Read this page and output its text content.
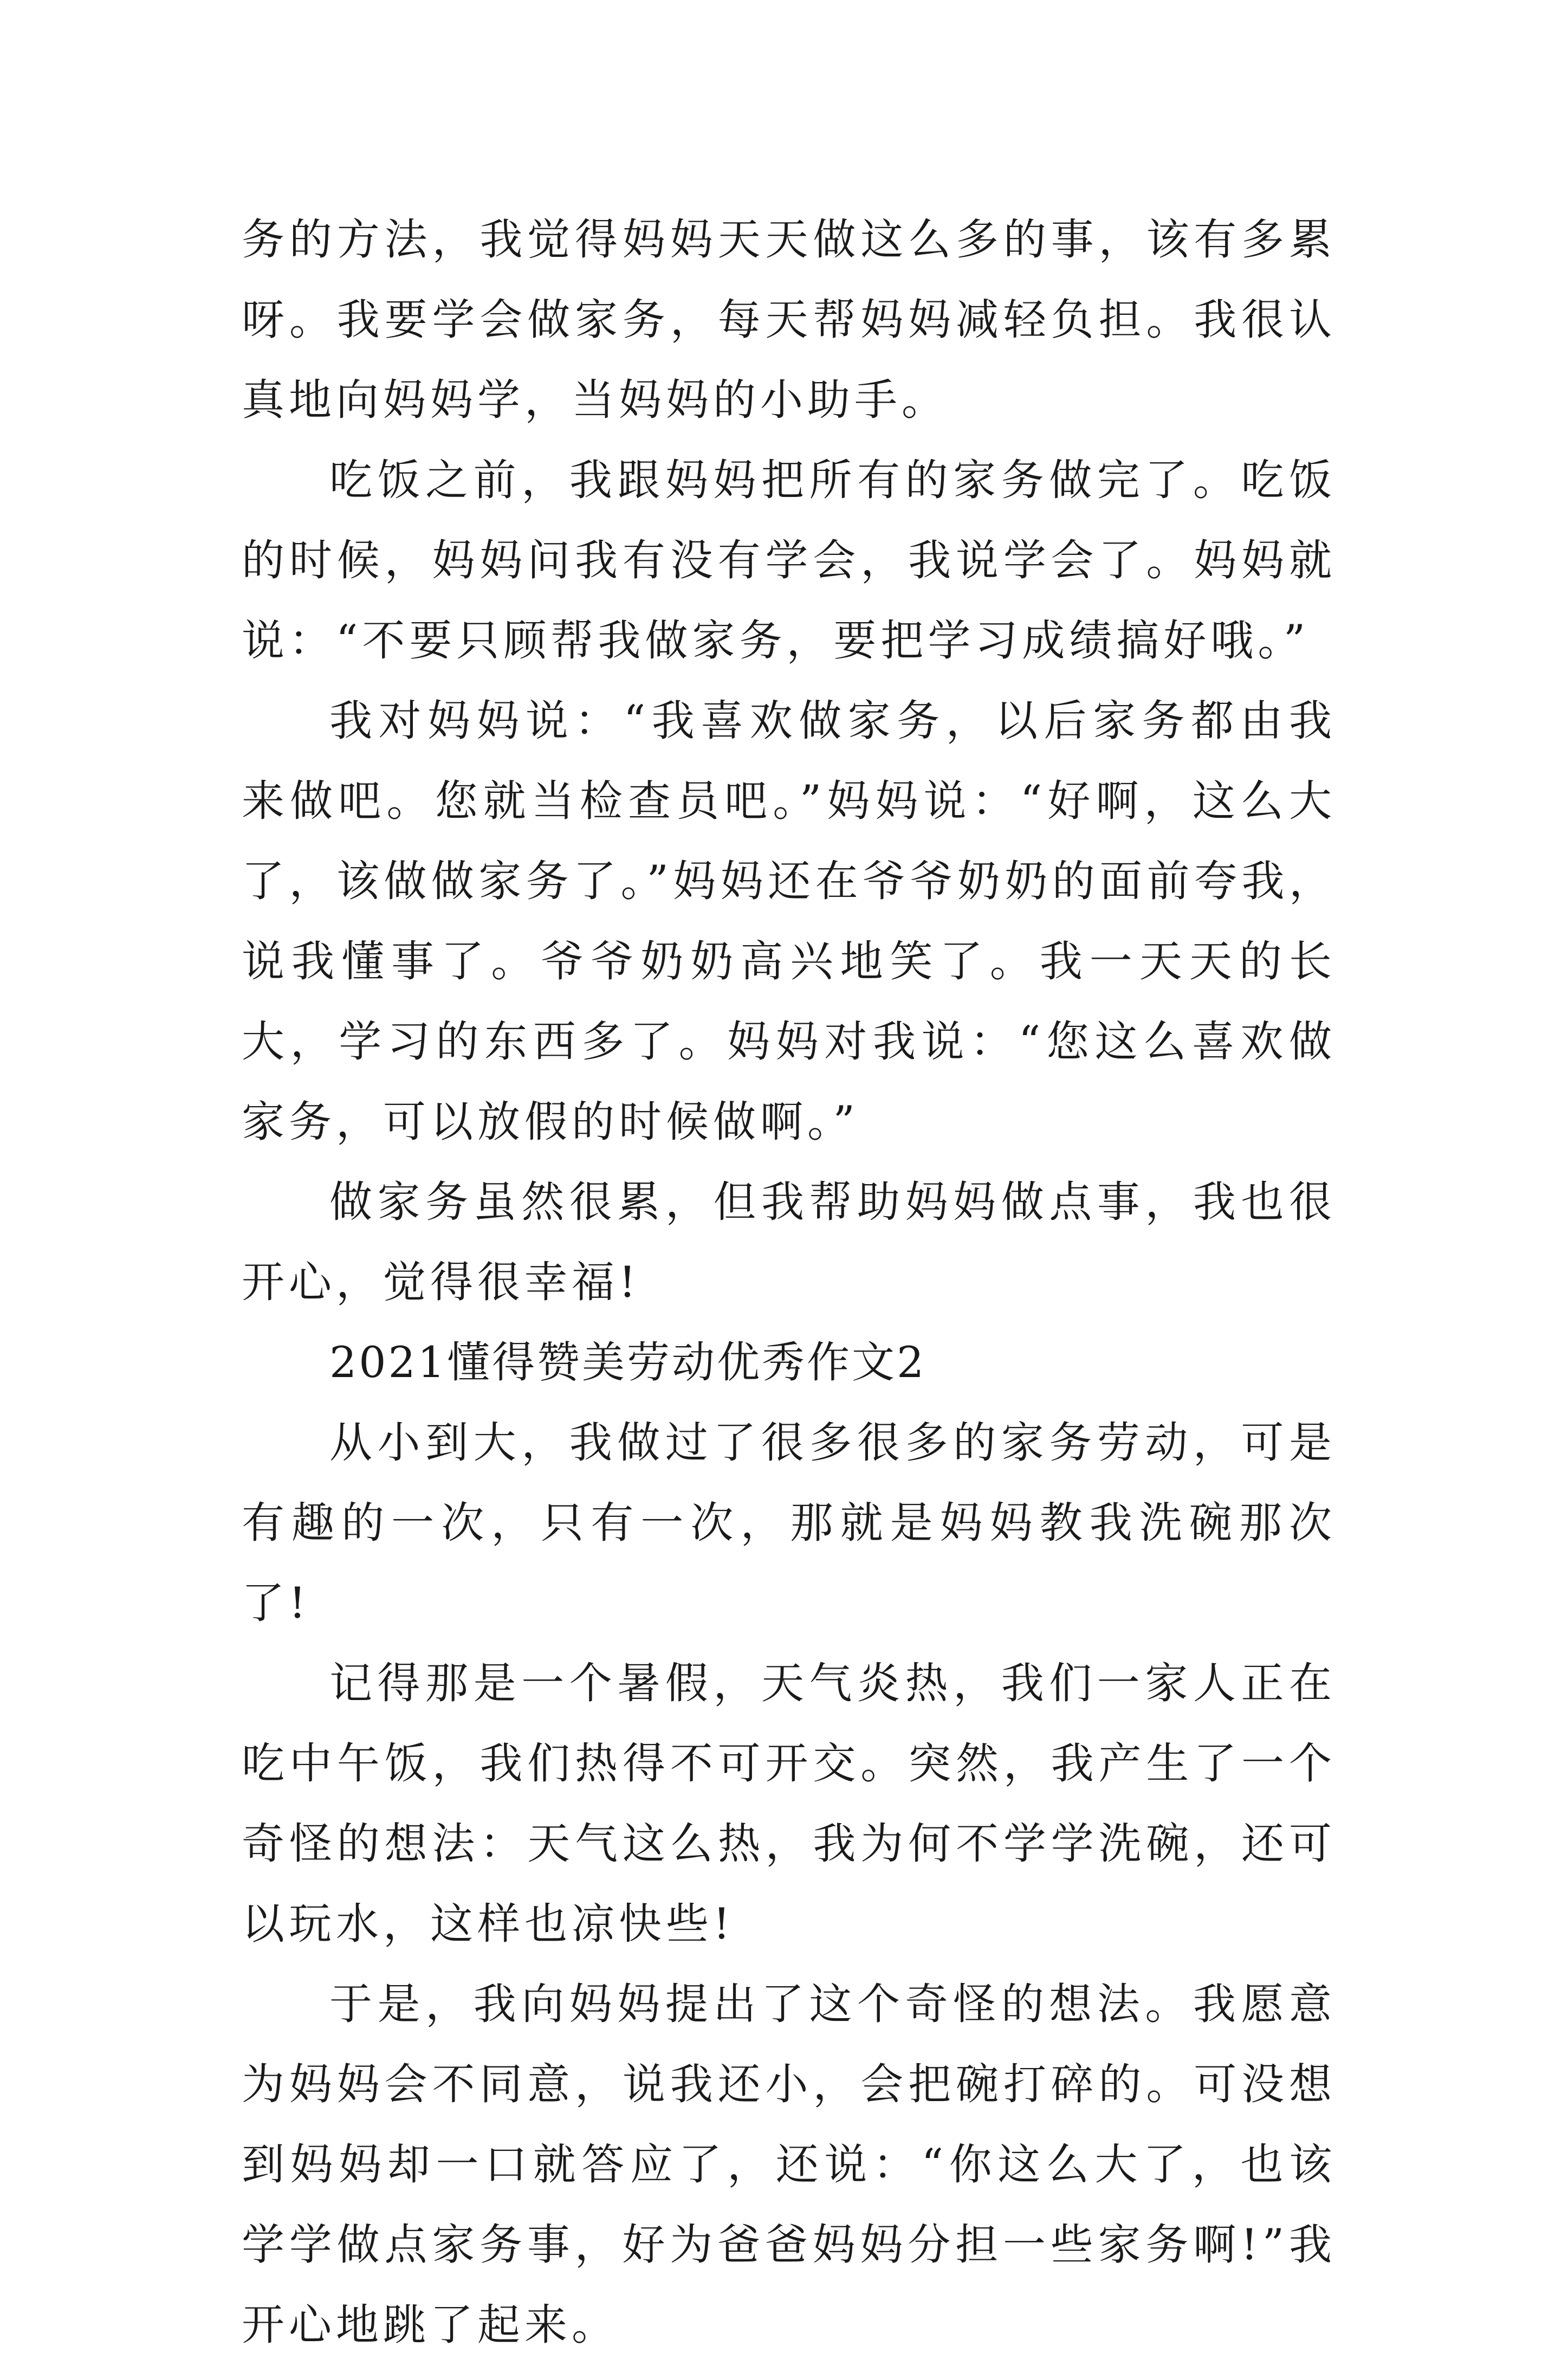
务的方法，我觉得妈妈天天做这么多的事，该有多累呀。我要学会做家务，每天帮妈妈减轻负担。我很认真地向妈妈学，当妈妈的小助手。

吃饭之前，我跟妈妈把所有的家务做完了。吃饭的时候，妈妈问我有没有学会，我说学会了。妈妈就说：“不要只顾帮我做家务，要把学习成绩搞好哦。”

我对妈妈说：“我喜欢做家务，以后家务都由我来做吧。您就当检查员吧。”妈妈说：“好啊，这么大了，该做做家务了。”妈妈还在爷爷奶奶的面前夸我，说我懂事了。爷爷奶奶高兴地笑了。我一天天的长大，学习的东西多了。妈妈对我说：“您这么喜欢做家务，可以放假的时候做啊。”

做家务虽然很累，但我帮助妈妈做点事，我也很开心，觉得很幸福!

2021懂得赞美劳动优秀作文2

从小到大，我做过了很多很多的家务劳动，可是有趣的一次，只有一次，那就是妈妈教我洗碗那次了!

记得那是一个暑假，天气炎热，我们一家人正在吃中午饭，我们热得不可开交。突然，我产生了一个奇怪的想法：天气这么热，我为何不学学洗碗，还可以玩水，这样也凉快些!

于是，我向妈妈提出了这个奇怪的想法。我愿意为妈妈会不同意，说我还小，会把碗打碎的。可没想到妈妈却一口就答应了，还说：“你这么大了，也该学学做点家务事，好为爸爸妈妈分担一些家务啊!”我开心地跳了起来。
